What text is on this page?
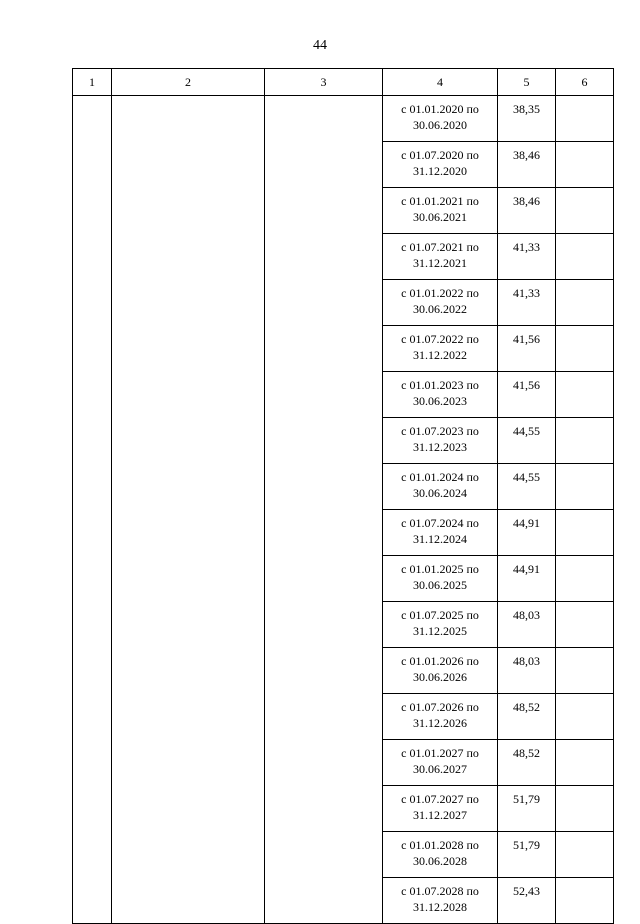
44
1	2	3	4	5	6

			с 01.01.2020 по
30.06.2020	38,35	

			с 01.07.2020 по
31.12.2020	38,46	

			с 01.01.2021 по
30.06.2021	38,46	

			с 01.07.2021 по
31.12.2021	41,33	

			с 01.01.2022 по
30.06.2022	41,33	

			с 01.07.2022 по
31.12.2022	41,56	

			с 01.01.2023 по
30.06.2023	41,56	

			с 01.07.2023 по
31.12.2023	44,55	

			с 01.01.2024 по
30.06.2024	44,55	

			с 01.07.2024 по
31.12.2024	44,91	

			с 01.01.2025 по
30.06.2025	44,91	

			с 01.07.2025 по
31.12.2025	48,03	

			с 01.01.2026 по
30.06.2026	48,03	

			с 01.07.2026 по
31.12.2026	48,52	

			с 01.01.2027 по
30.06.2027	48,52	

			с 01.07.2027 по
31.12.2027	51,79	

			с 01.01.2028 по
30.06.2028	51,79	

			с 01.07.2028 по
31.12.2028	52,43	
